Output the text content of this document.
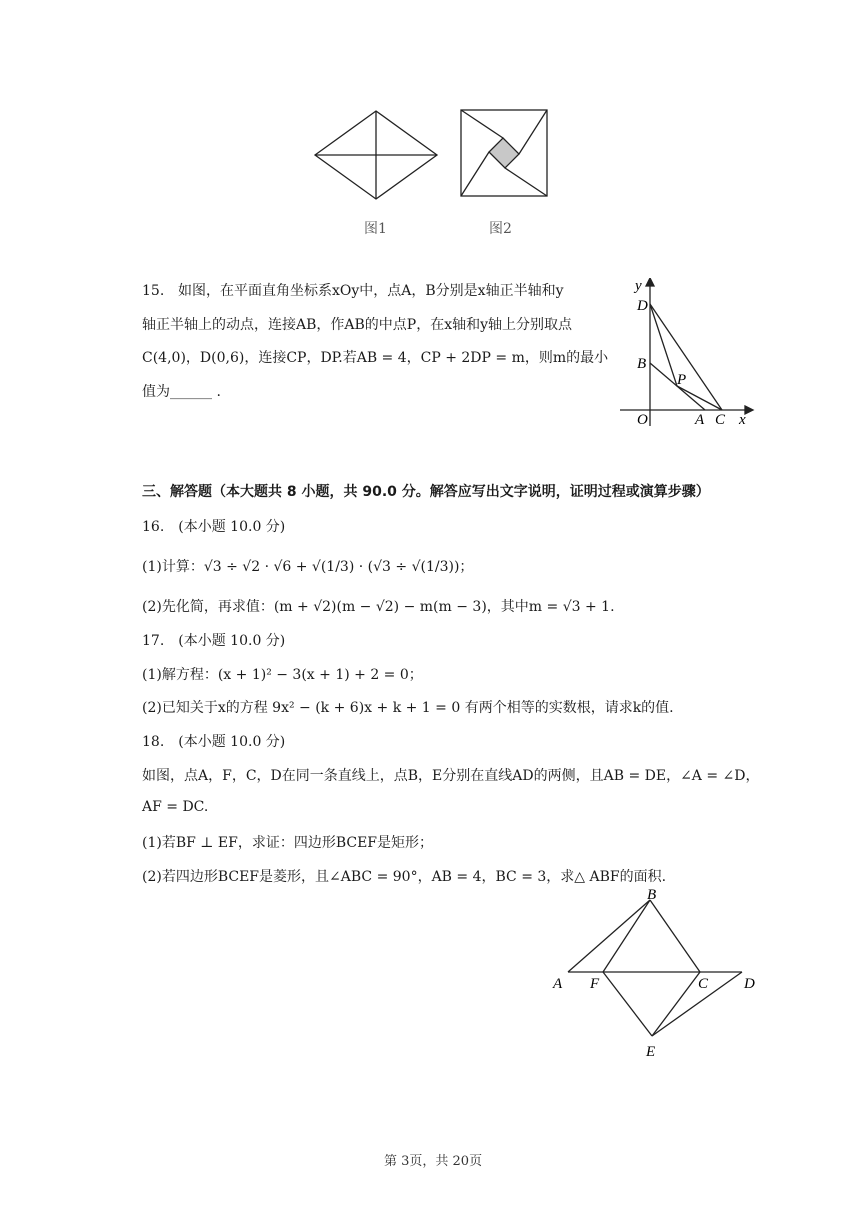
图1	图2
15. 如图，在平面直角坐标系xOy中，点A，B分别是x轴正半轴和y
轴正半轴上的动点，连接AB，作AB的中点P，在x轴和y轴上分别取点
C(4,0)，D(0,6)，连接CP，DP.若AB = 4，CP + 2DP = m，则m的最小
值为______ .
y
D
B
P
O	A C x
三、解答题（本大题共 8 小题，共 90.0 分。解答应写出文字说明，证明过程或演算步骤）
16.　(本小题 10.0 分)
(1)计算：√3 ÷ √2 · √6 + √(1/3) · (√3 ÷ √(1/3))；
(2)先化简，再求值：(m + √2)(m − √2) − m(m − 3)，其中m = √3 + 1.
17.　(本小题 10.0 分)
(1)解方程：(x + 1)² − 3(x + 1) + 2 = 0；
(2)已知关于x的方程 9x² − (k + 6)x + k + 1 = 0 有两个相等的实数根，请求k的值.
18.　(本小题 10.0 分)
如图，点A，F，C，D在同一条直线上，点B，E分别在直线AD的两侧，且AB = DE，∠A = ∠D，
AF = DC.
(1)若BF ⊥ EF，求证：四边形BCEF是矩形；
(2)若四边形BCEF是菱形，且∠ABC = 90°，AB = 4，BC = 3，求△ ABF的面积.
B
A F	C D
E
第 3页，共 20页
